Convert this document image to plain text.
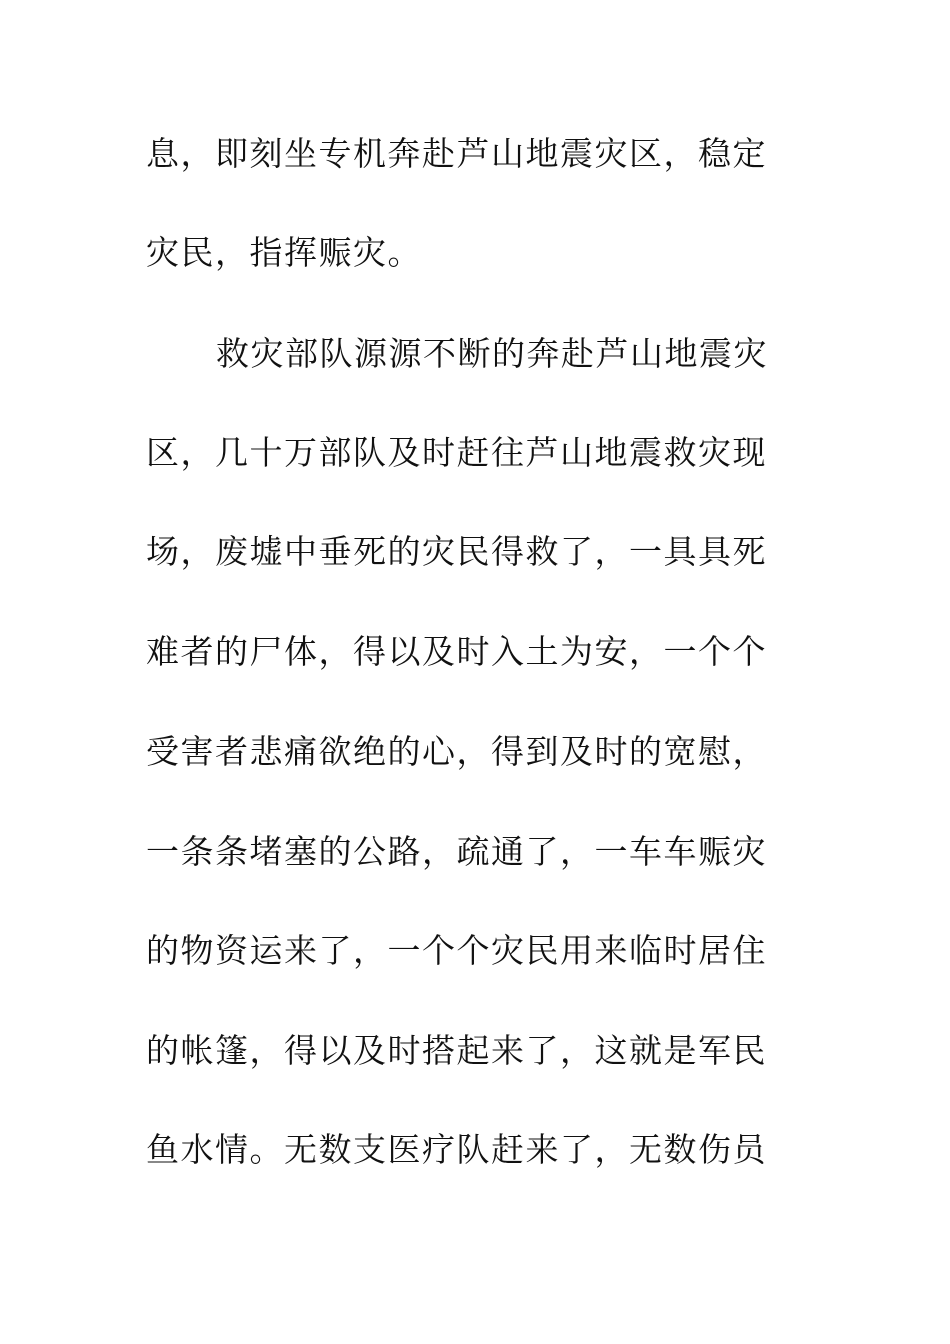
息，即刻坐专机奔赴芦山地震灾区，稳定
灾民，指挥赈灾。
救灾部队源源不断的奔赴芦山地震灾
区，几十万部队及时赶往芦山地震救灾现
场，废墟中垂死的灾民得救了，一具具死
难者的尸体，得以及时入土为安，一个个
受害者悲痛欲绝的心，得到及时的宽慰，
一条条堵塞的公路，疏通了，一车车赈灾
的物资运来了，一个个灾民用来临时居住
的帐篷，得以及时搭起来了，这就是军民
鱼水情。无数支医疗队赶来了，无数伤员
